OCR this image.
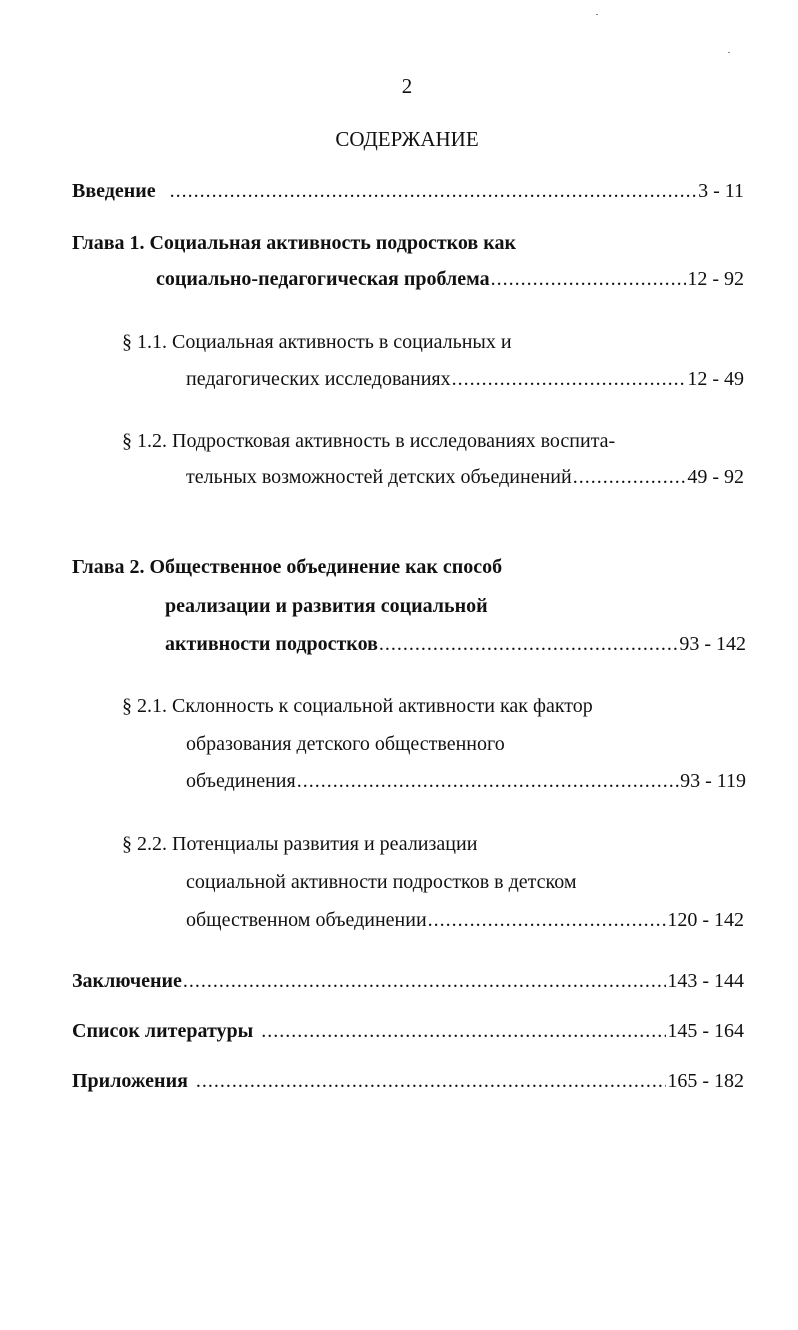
2
СОДЕРЖАНИЕ
Введение .....	3 - 11
Глава 1. Социальная активность подростков как
социально-педагогическая проблема .....	12 - 92
§ 1.1. Социальная активность в социальных и
педагогических исследованиях .....	12 - 49
§ 1.2. Подростковая активность в исследованиях воспита-
тельных возможностей детских объединений .....	49 - 92
Глава 2. Общественное объединение как способ
реализации и развития социальной
активности подростков .....	93 - 142
§ 2.1. Склонность к социальной активности как фактор
образования детского общественного
объединения .....	93 - 119
§ 2.2. Потенциалы развития и реализации
социальной активности подростков в детском
общественном объединении .....	120 - 142
Заключение .....	143 - 144
Список литературы .....	145 - 164
Приложения .....	165 - 182
